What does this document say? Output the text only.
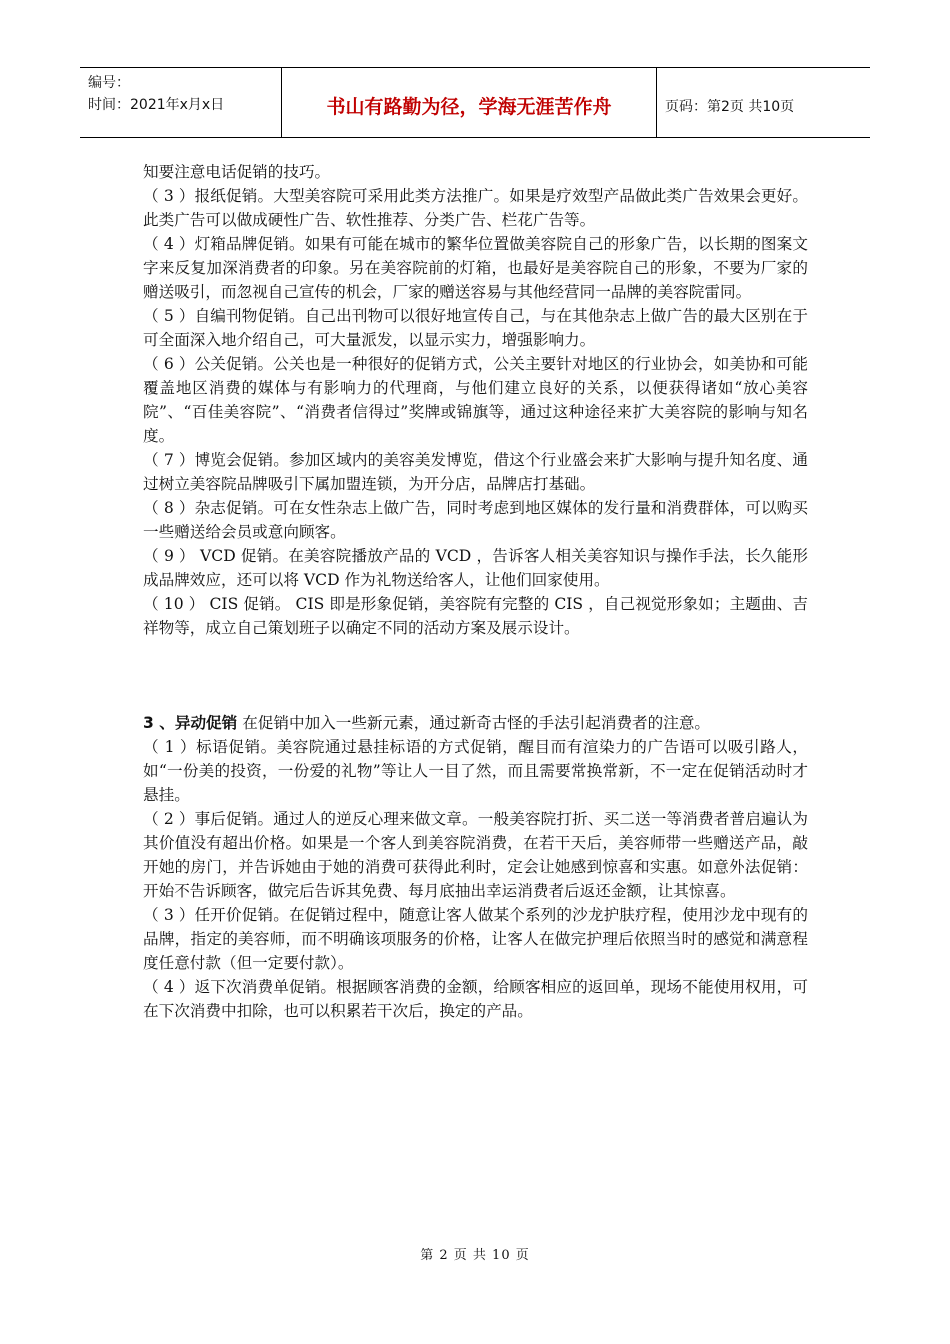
编号：
时间：2021年x月x日	书山有路勤为径，学海无涯苦作舟	页码：第2页 共10页

知要注意电话促销的技巧。

（ 3 ）报纸促销。大型美容院可采用此类方法推广。如果是疗效型产品做此类广告效果会更好。此类广告可以做成硬性广告、软性推荐、分类广告、栏花广告等。

（ 4 ）灯箱品牌促销。如果有可能在城市的繁华位置做美容院自己的形象广告，以长期的图案文字来反复加深消费者的印象。另在美容院前的灯箱，也最好是美容院自己的形象，不要为厂家的赠送吸引，而忽视自己宣传的机会，厂家的赠送容易与其他经营同一品牌的美容院雷同。

（ 5 ）自编刊物促销。自己出刊物可以很好地宣传自己，与在其他杂志上做广告的最大区别在于可全面深入地介绍自己，可大量派发，以显示实力，增强影响力。

（ 6 ）公关促销。公关也是一种很好的促销方式，公关主要针对地区的行业协会，如美协和可能覆盖地区消费的媒体与有影响力的代理商，与他们建立良好的关系，以便获得诸如“放心美容院”、“百佳美容院”、“消费者信得过”奖牌或锦旗等，通过这种途径来扩大美容院的影响与知名度。

（ 7 ）博览会促销。参加区域内的美容美发博览，借这个行业盛会来扩大影响与提升知名度、通过树立美容院品牌吸引下属加盟连锁，为开分店，品牌店打基础。

（ 8 ）杂志促销。可在女性杂志上做广告，同时考虑到地区媒体的发行量和消费群体，可以购买一些赠送给会员或意向顾客。

（ 9 ） VCD 促销。在美容院播放产品的 VCD ，告诉客人相关美容知识与操作手法，长久能形成品牌效应，还可以将 VCD 作为礼物送给客人，让他们回家使用。

（ 10 ） CIS 促销。 CIS 即是形象促销，美容院有完整的 CIS ，自己视觉形象如；主题曲、吉祥物等，成立自己策划班子以确定不同的活动方案及展示设计。

3 、异动促销 在促销中加入一些新元素，通过新奇古怪的手法引起消费者的注意。

（ 1 ）标语促销。美容院通过悬挂标语的方式促销，醒目而有渲染力的广告语可以吸引路人，如“一份美的投资，一份爱的礼物”等让人一目了然，而且需要常换常新，不一定在促销活动时才悬挂。

（ 2 ）事后促销。通过人的逆反心理来做文章。一般美容院打折、买二送一等消费者普启遍认为其价值没有超出价格。如果是一个客人到美容院消费，在若干天后，美容师带一些赠送产品，敲开她的房门，并告诉她由于她的消费可获得此利时，定会让她感到惊喜和实惠。如意外法促销：开始不告诉顾客，做完后告诉其免费、每月底抽出幸运消费者后返还金额，让其惊喜。

（ 3 ）任开价促销。在促销过程中，随意让客人做某个系列的沙龙护肤疗程，使用沙龙中现有的品牌，指定的美容师，而不明确该项服务的价格，让客人在做完护理后依照当时的感觉和满意程度任意付款（但一定要付款）。

（ 4 ）返下次消费单促销。根据顾客消费的金额，给顾客相应的返回单，现场不能使用权用，可在下次消费中扣除，也可以积累若干次后，换定的产品。

第 2 页 共 10 页
